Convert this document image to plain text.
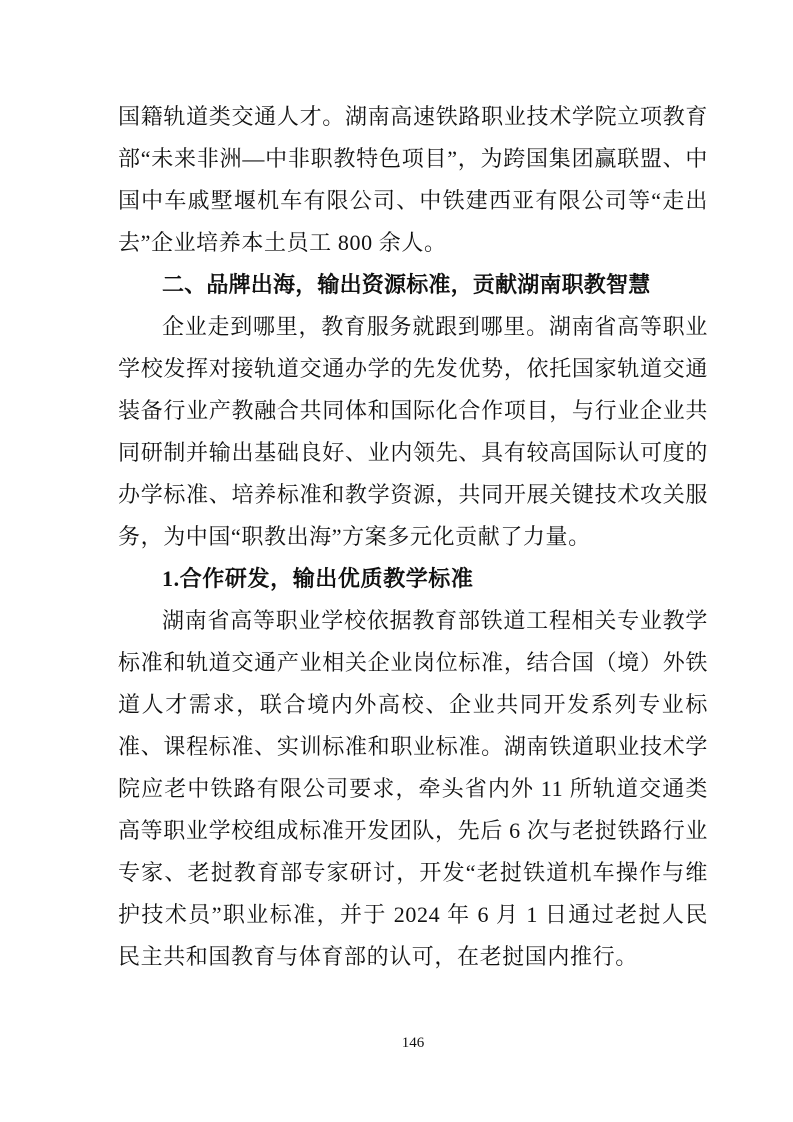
国籍轨道类交通人才。湖南高速铁路职业技术学院立项教育部“未来非洲—中非职教特色项目”，为跨国集团赢联盟、中国中车戚墅堰机车有限公司、中铁建西亚有限公司等“走出去”企业培养本土员工 800 余人。

二、品牌出海，输出资源标准，贡献湖南职教智慧

企业走到哪里，教育服务就跟到哪里。湖南省高等职业学校发挥对接轨道交通办学的先发优势，依托国家轨道交通装备行业产教融合共同体和国际化合作项目，与行业企业共同研制并输出基础良好、业内领先、具有较高国际认可度的办学标准、培养标准和教学资源，共同开展关键技术攻关服务，为中国“职教出海”方案多元化贡献了力量。

1.合作研发，输出优质教学标准

湖南省高等职业学校依据教育部铁道工程相关专业教学标准和轨道交通产业相关企业岗位标准，结合国（境）外铁道人才需求，联合境内外高校、企业共同开发系列专业标准、课程标准、实训标准和职业标准。湖南铁道职业技术学院应老中铁路有限公司要求，牵头省内外 11 所轨道交通类高等职业学校组成标准开发团队，先后 6 次与老挝铁路行业专家、老挝教育部专家研讨，开发“老挝铁道机车操作与维护技术员”职业标准，并于 2024 年 6 月 1 日通过老挝人民民主共和国教育与体育部的认可，在老挝国内推行。

146
